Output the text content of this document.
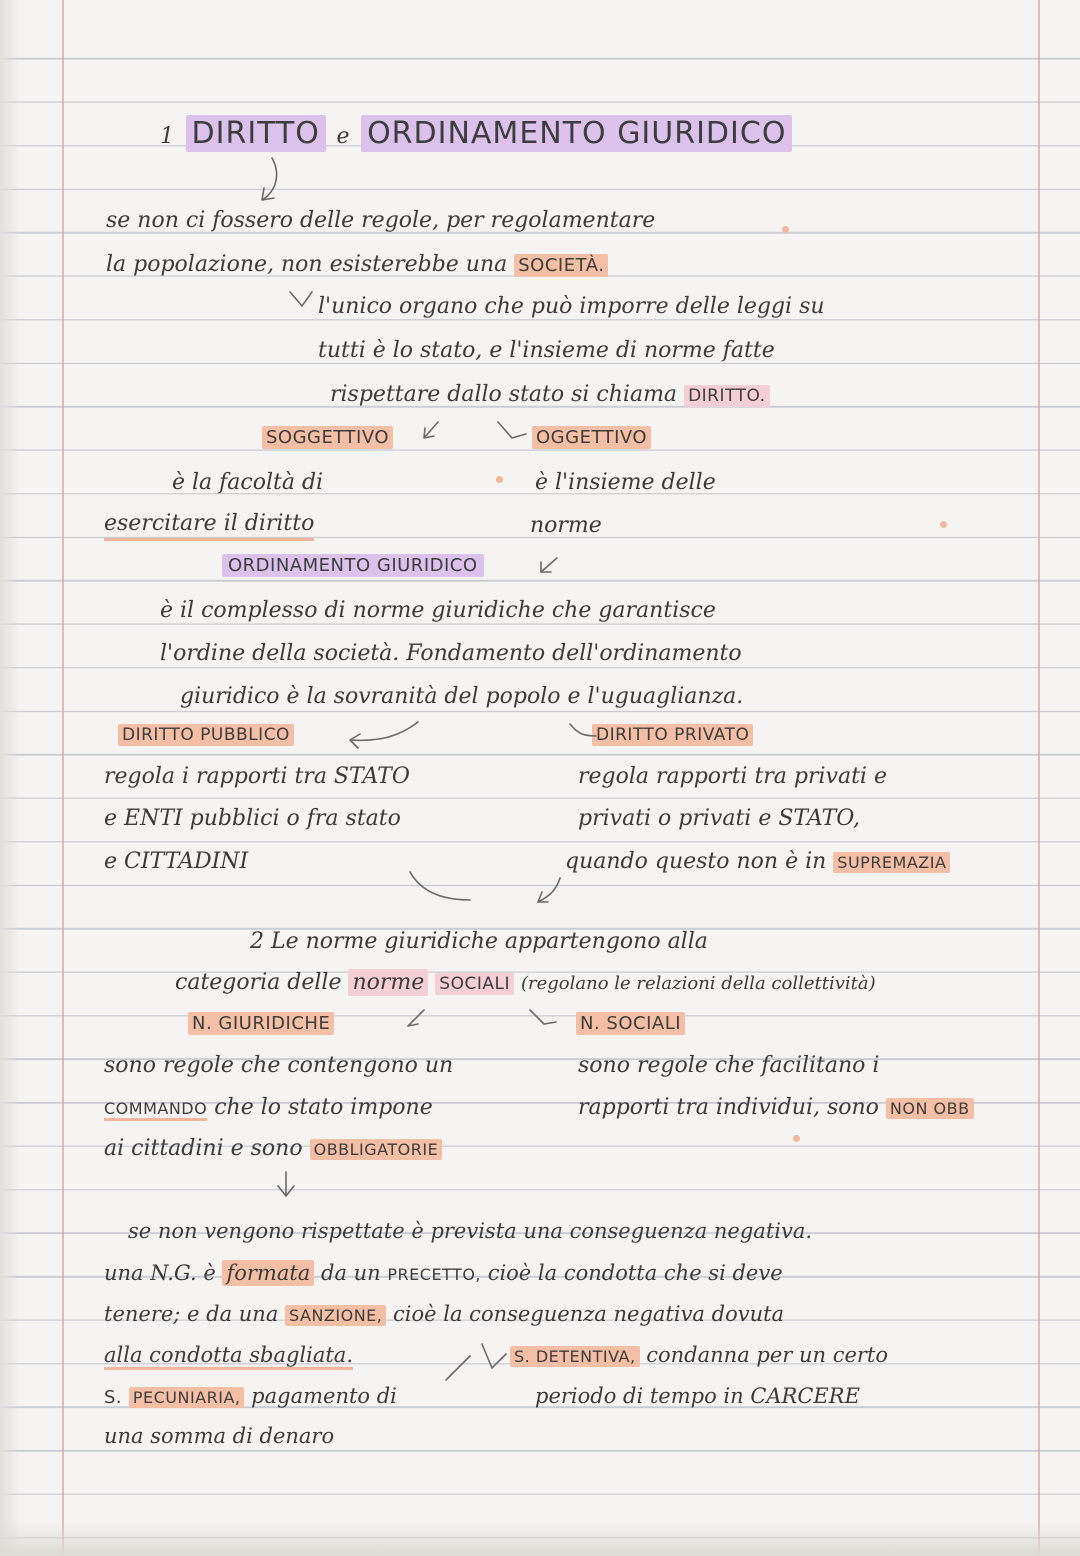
1 DIRITTO e ORDINAMENTO GIURIDICO
se non ci fossero delle regole, per regolamentare
la popolazione, non esisterebbe una SOCIETÀ.
l'unico organo che può imporre delle leggi su
tutti è lo stato, e l'insieme di norme fatte
rispettare dallo stato si chiama DIRITTO.
SOGGETTIVO	OGGETTIVO
è la facoltà di
esercitare il diritto
è l'insieme delle
norme
ORDINAMENTO GIURIDICO
è il complesso di norme giuridiche che garantisce
l'ordine della società. Fondamento dell'ordinamento
giuridico è la sovranità del popolo e l'uguaglianza.
DIRITTO PUBBLICO	DIRITTO PRIVATO
regola i rapporti tra STATO
e ENTI pubblici o fra stato
e CITTADINI
regola rapporti tra privati e
privati o privati e STATO,
quando questo non è in SUPREMAZIA
2 Le norme giuridiche appartengono alla
categoria delle norme SOCIALI (regolano le relazioni della collettività)
N. GIURIDICHE	N. SOCIALI
sono regole che contengono un
COMMANDO che lo stato impone
ai cittadini e sono OBBLIGATORIE
sono regole che facilitano i
rapporti tra individui, sono NON OBB
se non vengono rispettate è prevista una conseguenza negativa.
una N.G. è formata da un PRECETTO, cioè la condotta che si deve
tenere; e da una SANZIONE, cioè la conseguenza negativa dovuta
alla condotta sbagliata.	S. DETENTIVA, condanna per un certo
S. PECUNIARIA, pagamento di	periodo di tempo in CARCERE
una somma di denaro
